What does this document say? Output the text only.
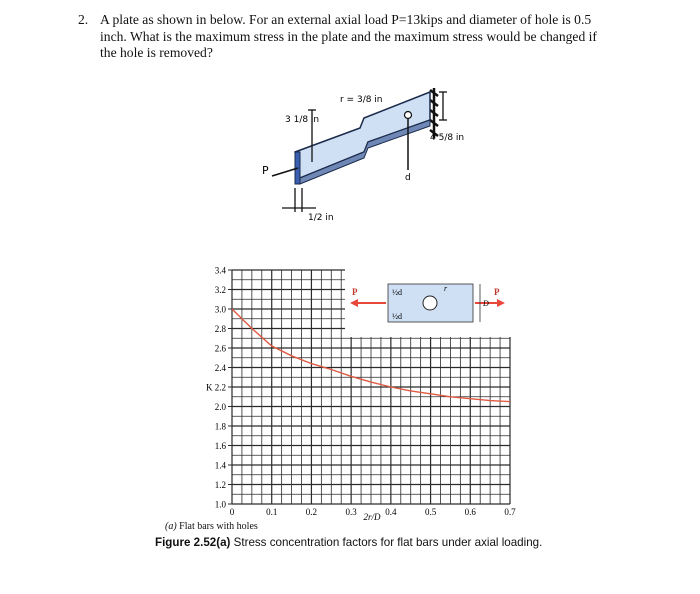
2. A plate as shown in below. For an external axial load P=13kips and diameter of hole is 0.5
inch. What is the maximum stress in the plate and the maximum stress would be changed if
the hole is removed?
3 1/8 in
r = 3/8 in
4 5/8 in
P
d
1/2 in
P	P
½d
½d
r
D
1.0
1.2
1.4
1.6
1.8
2.0
K 2.2
2.4
2.6
2.8
3.0
3.2
3.4
0	0.1	0.2	0.3	0.4	0.5	0.6	0.7
2r/D
(a) Flat bars with holes
Figure 2.52(a) Stress concentration factors for flat bars under axial loading.
